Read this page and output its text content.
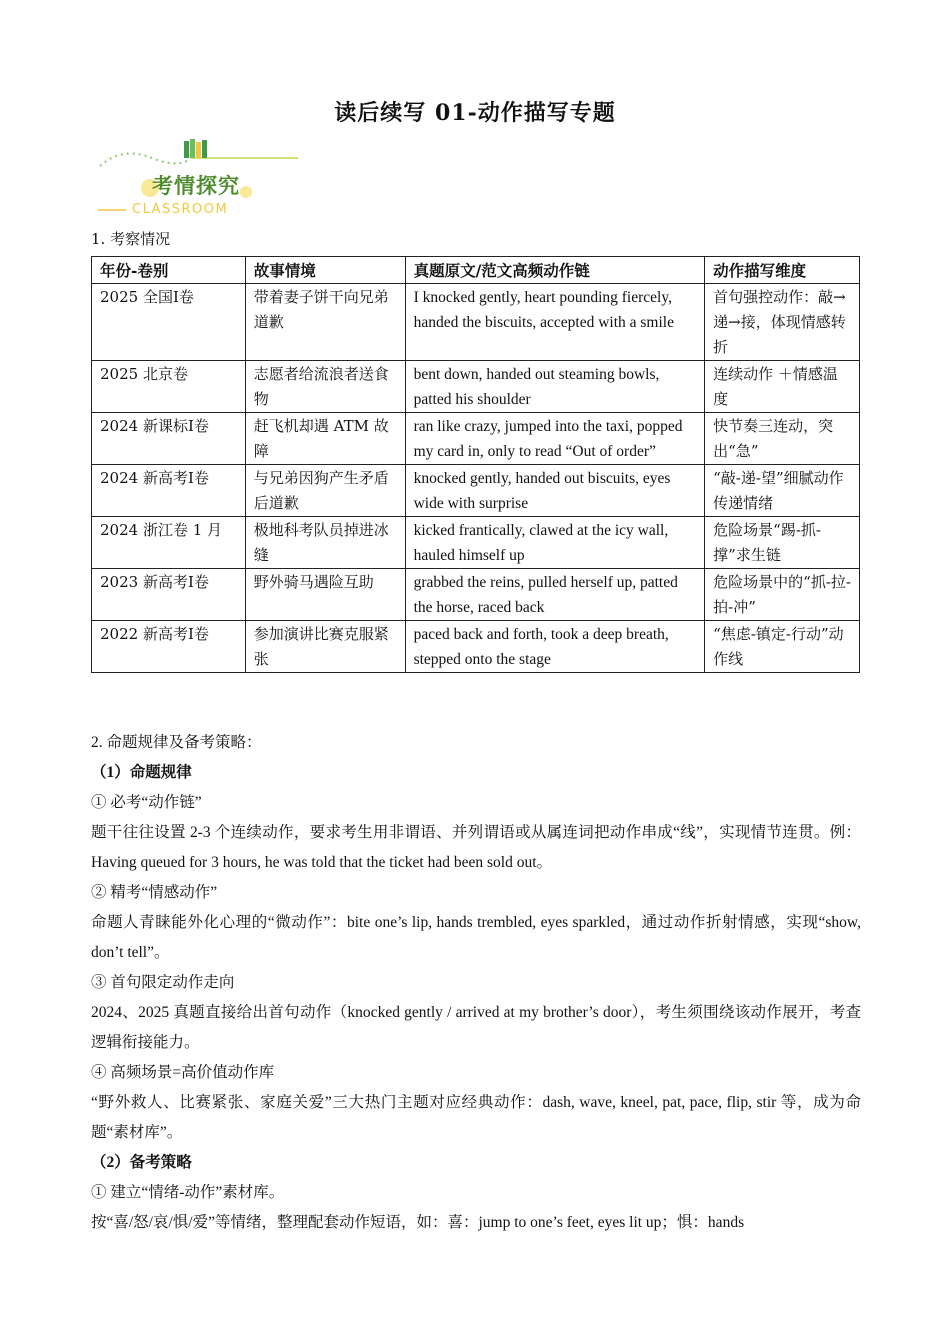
读后续写 01-动作描写专题
考情探究
CLASSROOM
1. 考察情况
年份-卷别	故事情境	真题原文/范文高频动作链	动作描写维度
2025 全国Ⅰ卷	带着妻子饼干向兄弟道歉	I knocked gently, heart pounding fiercely, handed the biscuits, accepted with a smile	首句强控动作：敲→递→接，体现情感转折
2025 北京卷	志愿者给流浪者送食物	bent down, handed out steaming bowls, patted his shoulder	连续动作 ＋情感温度
2024 新课标Ⅰ卷	赶飞机却遇 ATM 故障	ran like crazy, jumped into the taxi, popped my card in, only to read “Out of order”	快节奏三连动，突出“急”
2024 新高考Ⅰ卷	与兄弟因狗产生矛盾后道歉	knocked gently, handed out biscuits, eyes wide with surprise	“敲-递-望”细腻动作传递情绪
2024 浙江卷 1 月	极地科考队员掉进冰缝	kicked frantically, clawed at the icy wall, hauled himself up	危险场景“踢-抓-撑”求生链
2023 新高考Ⅰ卷	野外骑马遇险互助	grabbed the reins, pulled herself up, patted the horse, raced back	危险场景中的“抓-拉-拍-冲”
2022 新高考Ⅰ卷	参加演讲比赛克服紧张	paced back and forth, took a deep breath, stepped onto the stage	“焦虑-镇定-行动”动作线

2. 命题规律及备考策略：

（1）命题规律

① 必考“动作链”

题干往往设置 2-3 个连续动作，要求考生用非谓语、并列谓语或从属连词把动作串成“线”，实现情节连贯。例：Having queued for 3 hours, he was told that the ticket had been sold out。

② 精考“情感动作”

命题人青睐能外化心理的“微动作”：bite one’s lip, hands trembled, eyes sparkled，通过动作折射情感，实现“show, don’t tell”。

③ 首句限定动作走向

2024、2025 真题直接给出首句动作（knocked gently / arrived at my brother’s door），考生须围绕该动作展开，考查逻辑衔接能力。

④ 高频场景=高价值动作库

“野外救人、比赛紧张、家庭关爱”三大热门主题对应经典动作：dash, wave, kneel, pat, pace, flip, stir 等，成为命题“素材库”。

（2）备考策略

① 建立“情绪-动作”素材库。

按“喜/怒/哀/惧/爱”等情绪，整理配套动作短语，如：喜：jump to one’s feet, eyes lit up；惧：hands
